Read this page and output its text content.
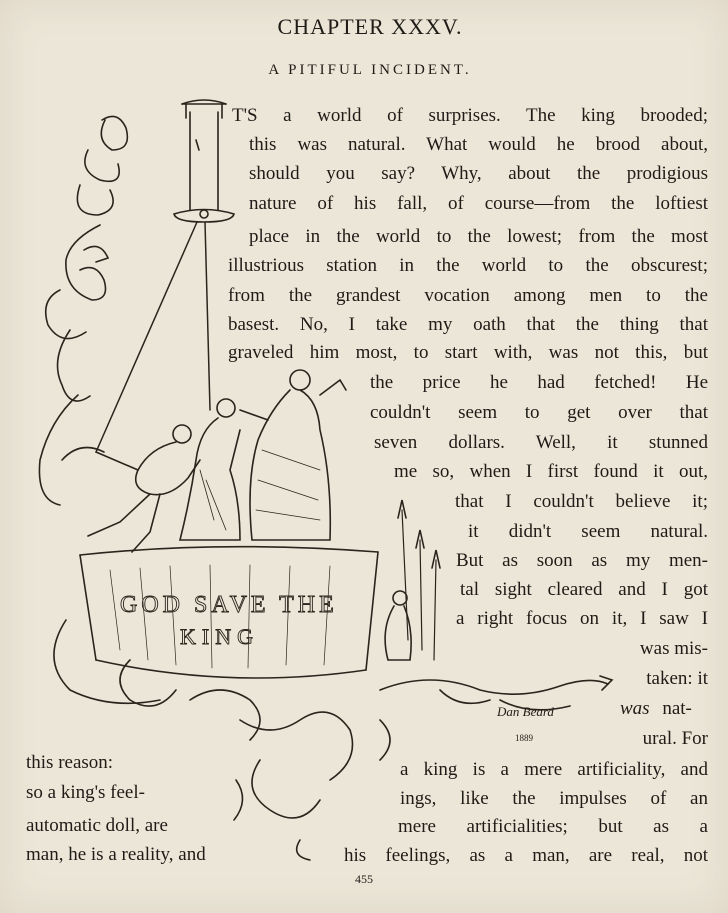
CHAPTER XXXV.
A PITIFUL INCIDENT.
GOD SAVE THE
KING
Dan Beard
1889
T'S a world of surprises. The king brooded;
this was natural. What would he brood about,
should you say? Why, about the prodigious
nature of his fall, of course—from the loftiest
place in the world to the lowest; from the most
illustrious station in the world to the obscurest;
from the grandest vocation among men to the
basest. No, I take my oath that the thing that
graveled him most, to start with, was not this, but
the price he had fetched! He
couldn't seem to get over that
seven dollars. Well, it stunned
me so, when I first found it out,
that I couldn't believe it;
it didn't seem natural.
But as soon as my men-
tal sight cleared and I got
a right focus on it, I saw I
was mis-
taken: it
was nat-
ural. For
this reason:
so a king's feel-
automatic doll, are
man, he is a reality, and
a king is a mere artificiality, and
ings, like the impulses of an
mere artificialities; but as a
his feelings, as a man, are real, not
455
